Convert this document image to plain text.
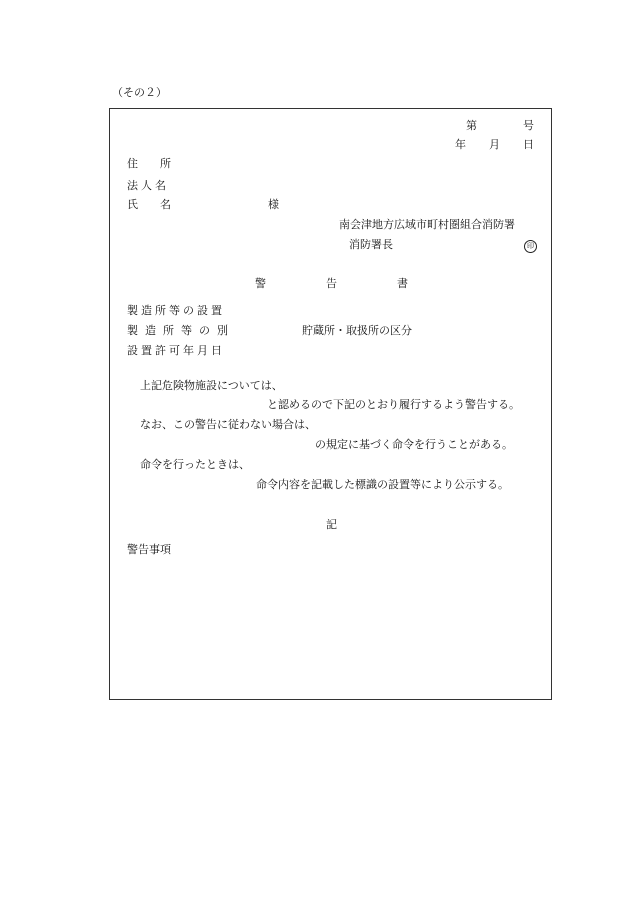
（その２）
第	号
年 月 日
住　　所
法人名
氏　　名	様
南会津地方広域市町村圏組合消防署
消防署長	印
警	告	書
製造所等の設置
製造所等の別	貯蔵所・取扱所の区分
設置許可年月日
上記危険物施設については、
と認めるので下記のとおり履行するよう警告する。
なお、この警告に従わない場合は、
の規定に基づく命令を行うことがある。
命令を行ったときは、
命令内容を記載した標識の設置等により公示する。
記
警告事項
